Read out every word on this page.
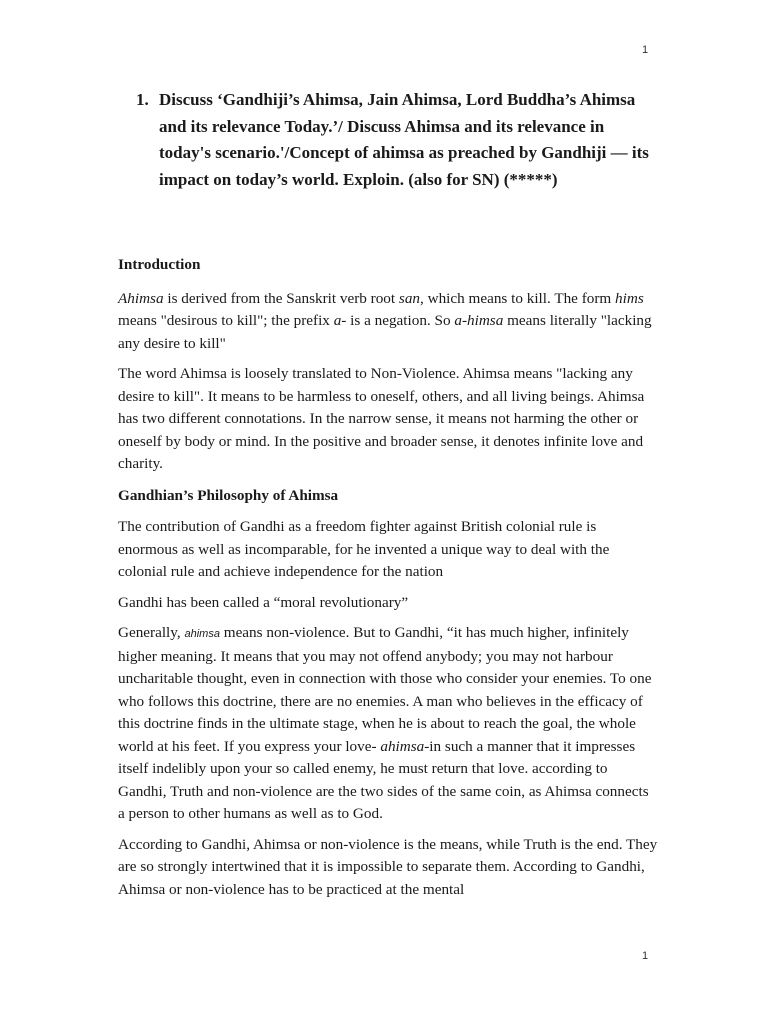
1
1. Discuss ‘Gandhiji’s Ahimsa, Jain Ahimsa, Lord Buddha’s Ahimsa and its relevance Today.’/ Discuss Ahimsa and its relevance in today's scenario.'/Concept of ahimsa as preached by Gandhiji — its impact on today’s world. Exploin. (also for SN) (*****)
Introduction

Ahimsa is derived from the Sanskrit verb root san, which means to kill. The form hims means "desirous to kill"; the prefix a- is a negation. So a-himsa means literally "lacking any desire to kill"

The word Ahimsa is loosely translated to Non-Violence. Ahimsa means "lacking any desire to kill". It means to be harmless to oneself, others, and all living beings. Ahimsa has two different connotations. In the narrow sense, it means not harming the other or oneself by body or mind. In the positive and broader sense, it denotes infinite love and charity.

Gandhian’s Philosophy of Ahimsa

The contribution of Gandhi as a freedom fighter against British colonial rule is enormous as well as incomparable, for he invented a unique way to deal with the colonial rule and achieve independence for the nation

Gandhi has been called a “moral revolutionary”

Generally, ahimsa means non-violence. But to Gandhi, “it has much higher, infinitely higher meaning. It means that you may not offend anybody; you may not harbour uncharitable thought, even in connection with those who consider your enemies. To one who follows this doctrine, there are no enemies. A man who believes in the efficacy of this doctrine finds in the ultimate stage, when he is about to reach the goal, the whole world at his feet. If you express your love- ahimsa-in such a manner that it impresses itself indelibly upon your so called enemy, he must return that love. according to Gandhi, Truth and non-violence are the two sides of the same coin, as Ahimsa connects a person to other humans as well as to God.

According to Gandhi, Ahimsa or non-violence is the means, while Truth is the end. They are so strongly intertwined that it is impossible to separate them. According to Gandhi, Ahimsa or non-violence has to be practiced at the mental

1
